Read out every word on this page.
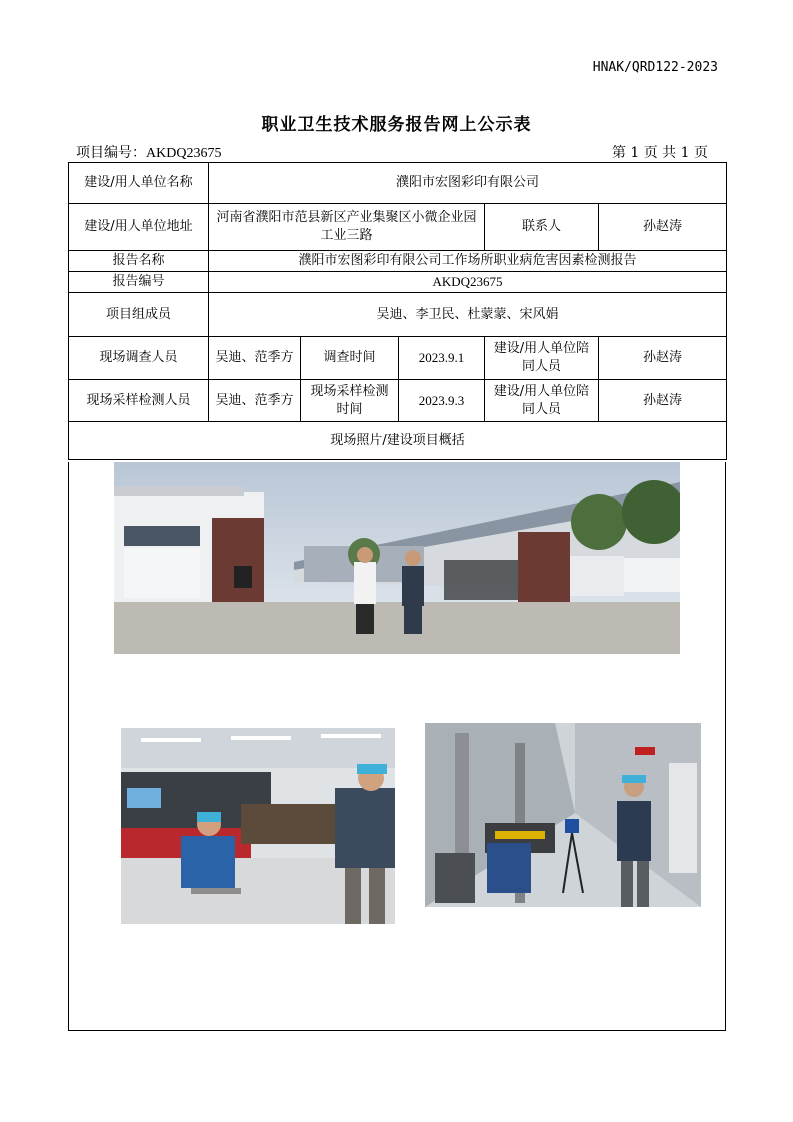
HNAK/QRD122-2023
职业卫生技术服务报告网上公示表
项目编号：AKDQ23675	第 1 页 共 1 页
建设/用人单位名称	濮阳市宏图彩印有限公司				
建设/用人单位地址	河南省濮阳市范县新区产业集聚区小微企业园工业三路			联系人	孙赵涛
报告名称	濮阳市宏图彩印有限公司工作场所职业病危害因素检测报告				
报告编号	AKDQ23675				
项目组成员	吴迪、李卫民、杜蒙蒙、宋风娟				
现场调查人员	吴迪、范季方	调查时间	2023.9.1	建设/用人单位陪同人员	孙赵涛
现场采样检测人员	吴迪、范季方	现场采样检测时间	2023.9.3	建设/用人单位陪同人员	孙赵涛
现场照片/建设项目概括					
